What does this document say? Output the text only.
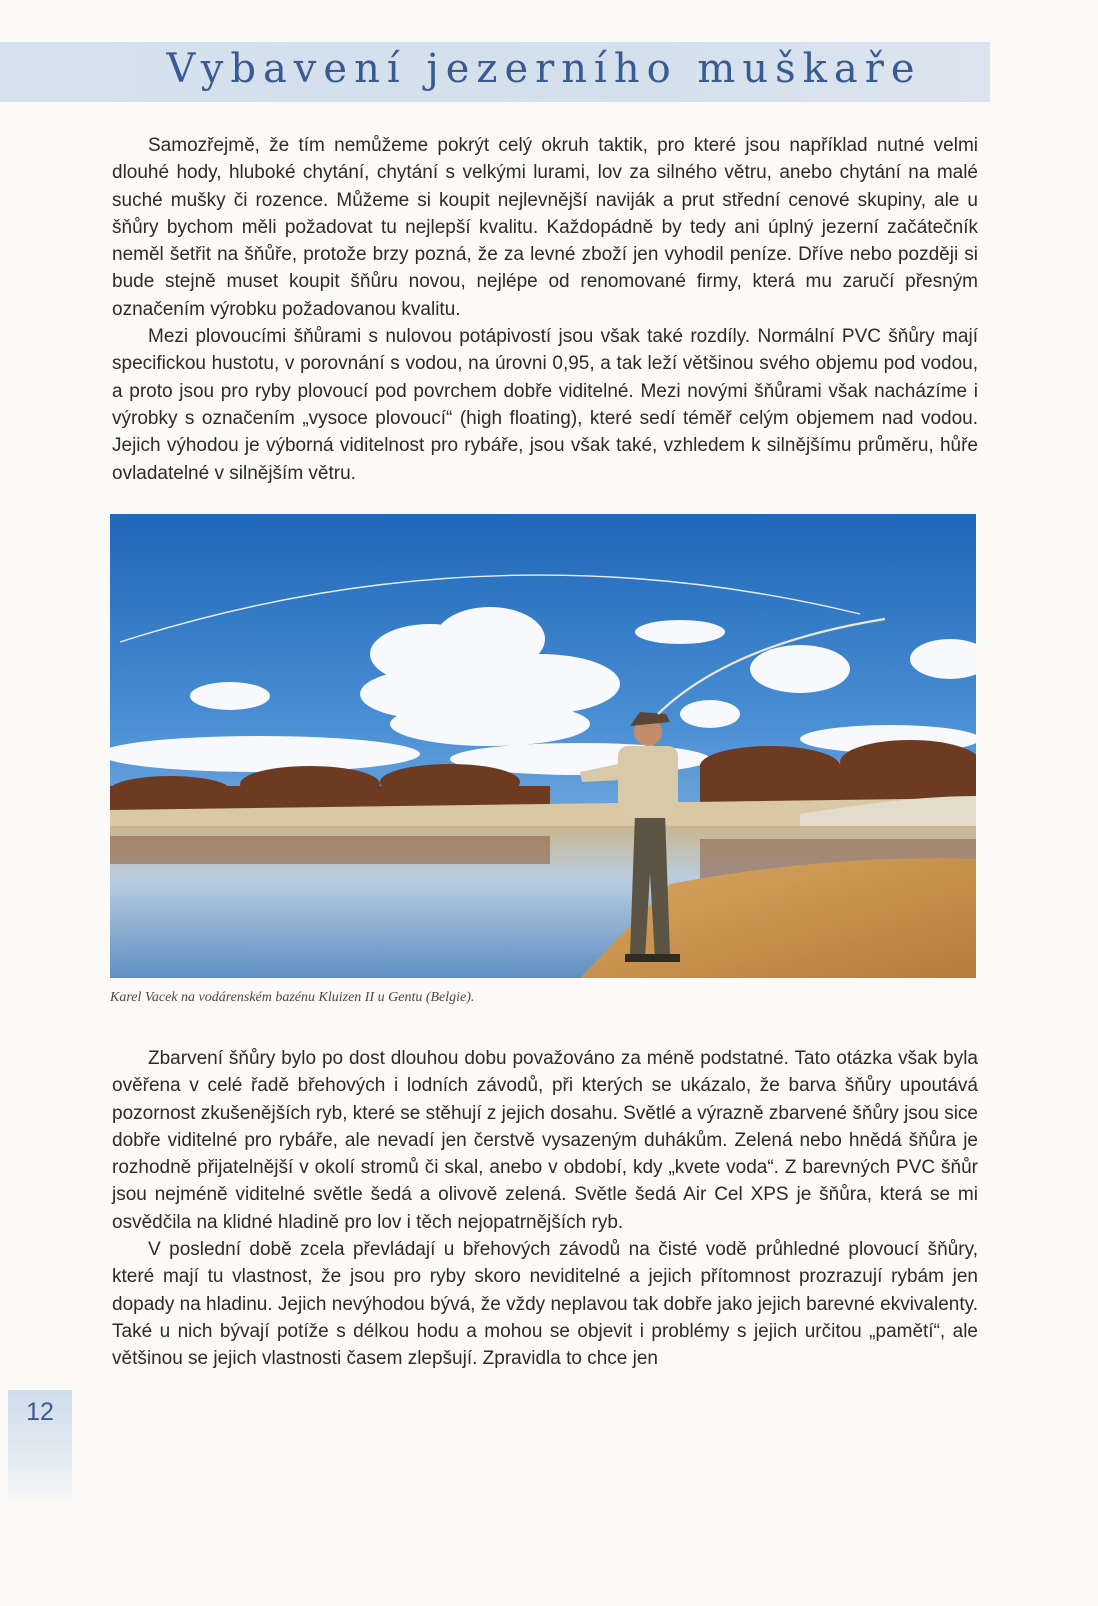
Vybavení jezerního muškaře

Samozřejmě, že tím nemůžeme pokrýt celý okruh taktik, pro které jsou například nutné velmi dlouhé hody, hluboké chytání, chytání s velkými lurami, lov za silného větru, anebo chytání na malé suché mušky či rozence. Můžeme si koupit nejlevnější naviják a prut střední cenové skupiny, ale u šňůry bychom měli požadovat tu nejlepší kvalitu. Každopádně by tedy ani úplný jezerní začátečník neměl šetřit na šňůře, protože brzy pozná, že za levné zboží jen vyhodil peníze. Dříve nebo později si bude stejně muset koupit šňůru novou, nejlépe od renomované firmy, která mu zaručí přesným označením výrobku požadovanou kvalitu.

Mezi plovoucími šňůrami s nulovou potápivostí jsou však také rozdíly. Normální PVC šňůry mají specifickou hustotu, v porovnání s vodou, na úrovni 0,95, a tak leží většinou svého objemu pod vodou, a proto jsou pro ryby plovoucí pod povrchem dobře viditelné. Mezi novými šňůrami však nacházíme i výrobky s označením „vysoce plovoucí“ (high floating), které sedí téměř celým objemem nad vodou. Jejich výhodou je výborná viditelnost pro rybáře, jsou však také, vzhledem k silnějšímu průměru, hůře ovladatelné v silnějším větru.

Karel Vacek na vodárenském bazénu Kluizen II u Gentu (Belgie).

Zbarvení šňůry bylo po dost dlouhou dobu považováno za méně podstatné. Tato otázka však byla ověřena v celé řadě břehových i lodních závodů, při kterých se ukázalo, že barva šňůry upoutává pozornost zkušenějších ryb, které se stěhují z jejich dosahu. Světlé a výrazně zbarvené šňůry jsou sice dobře viditelné pro rybáře, ale nevadí jen čerstvě vysazeným duhákům. Zelená nebo hnědá šňůra je rozhodně přijatelnější v okolí stromů či skal, anebo v období, kdy „kvete voda“. Z barevných PVC šňůr jsou nejméně viditelné světle šedá a olivově zelená. Světle šedá Air Cel XPS je šňůra, která se mi osvědčila na klidné hladině pro lov i těch nejopatrnějších ryb.

V poslední době zcela převládají u břehových závodů na čisté vodě průhledné plovoucí šňůry, které mají tu vlastnost, že jsou pro ryby skoro neviditelné a jejich přítomnost prozrazují rybám jen dopady na hladinu. Jejich nevýhodou bývá, že vždy neplavou tak dobře jako jejich barevné ekvivalenty. Také u nich bývají potíže s délkou hodu a mohou se objevit i problémy s jejich určitou „pamětí“, ale většinou se jejich vlastnosti časem zlepšují. Zpravidla to chce jen

12
